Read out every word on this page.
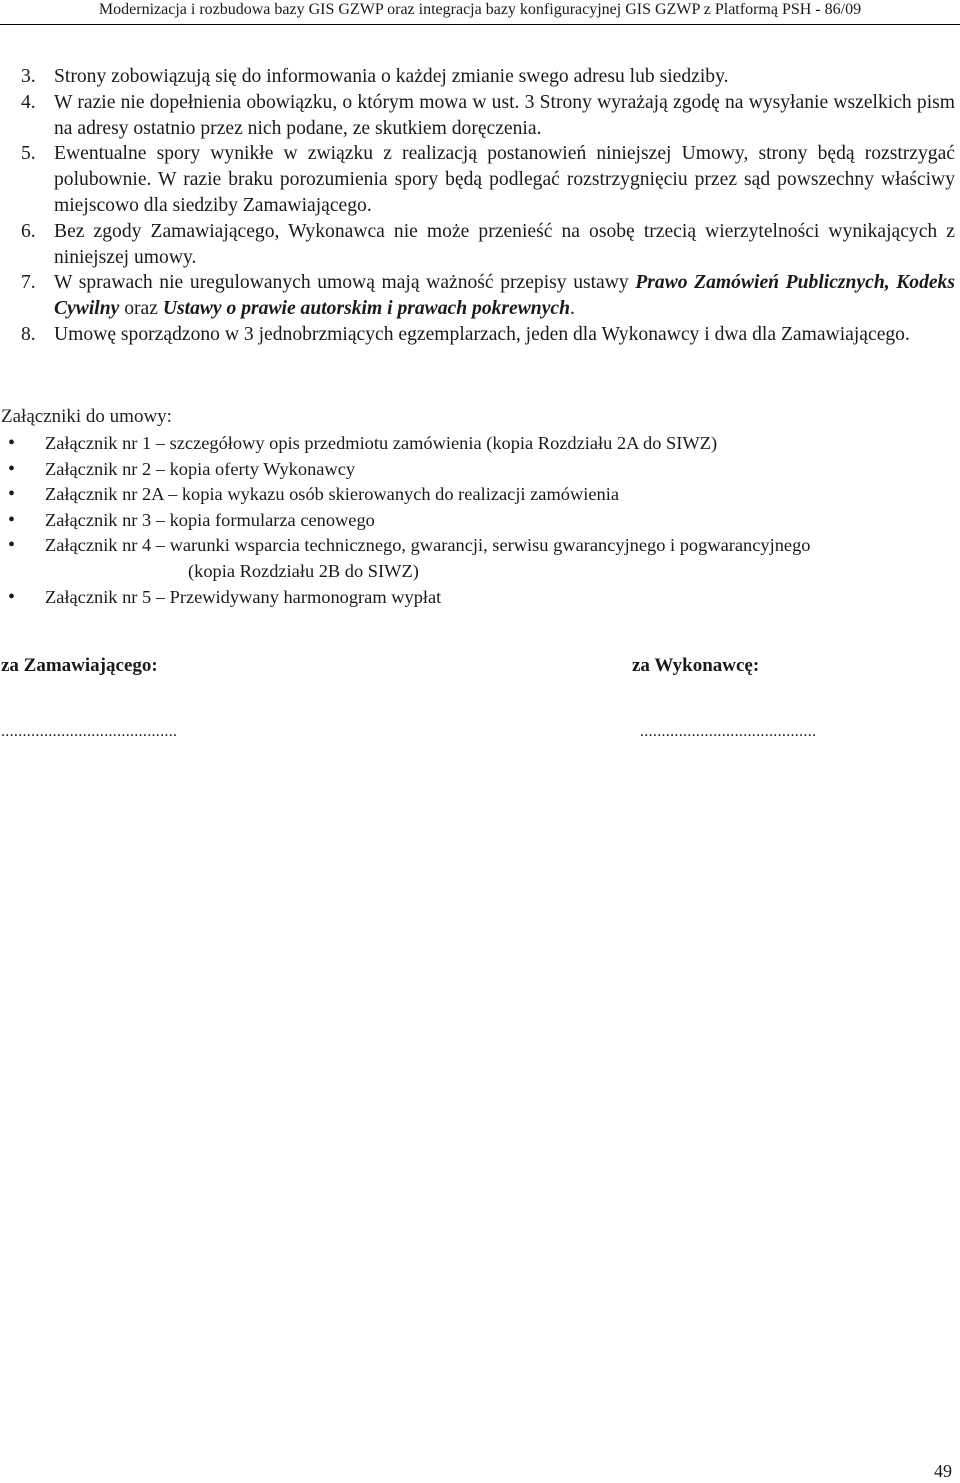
Modernizacja i rozbudowa bazy GIS GZWP oraz integracja bazy konfiguracyjnej GIS GZWP z Platformą PSH - 86/09
3. Strony zobowiązują się do informowania o każdej zmianie swego adresu lub siedziby.
4. W razie nie dopełnienia obowiązku, o którym mowa w ust. 3 Strony wyrażają zgodę na wysyłanie wszelkich pism na adresy ostatnio przez nich podane, ze skutkiem doręczenia.
5. Ewentualne spory wynikłe w związku z realizacją postanowień niniejszej Umowy, strony będą rozstrzygać polubownie. W razie braku porozumienia spory będą podlegać rozstrzygnięciu przez sąd powszechny właściwy miejscowo dla siedziby Zamawiającego.
6. Bez zgody Zamawiającego, Wykonawca nie może przenieść na osobę trzecią wierzytelności wynikających z niniejszej umowy.
7. W sprawach nie uregulowanych umową mają ważność przepisy ustawy Prawo Zamówień Publicznych, Kodeks Cywilny oraz Ustawy o prawie autorskim i prawach pokrewnych.
8. Umowę sporządzono w 3 jednobrzmiących egzemplarzach, jeden dla Wykonawcy i dwa dla Zamawiającego.
Załączniki do umowy:
• Załącznik nr 1 – szczegółowy opis przedmiotu zamówienia (kopia Rozdziału 2A do SIWZ)
• Załącznik nr 2 – kopia oferty Wykonawcy
• Załącznik nr 2A – kopia wykazu osób skierowanych do realizacji zamówienia
• Załącznik nr 3 – kopia formularza cenowego
• Załącznik nr 4 – warunki wsparcia technicznego, gwarancji, serwisu gwarancyjnego i pogwarancyjnego
(kopia Rozdziału 2B do SIWZ)
• Załącznik nr 5 – Przewidywany harmonogram wypłat
za Zamawiającego:	za Wykonawcę:
.........................................	.........................................
49
